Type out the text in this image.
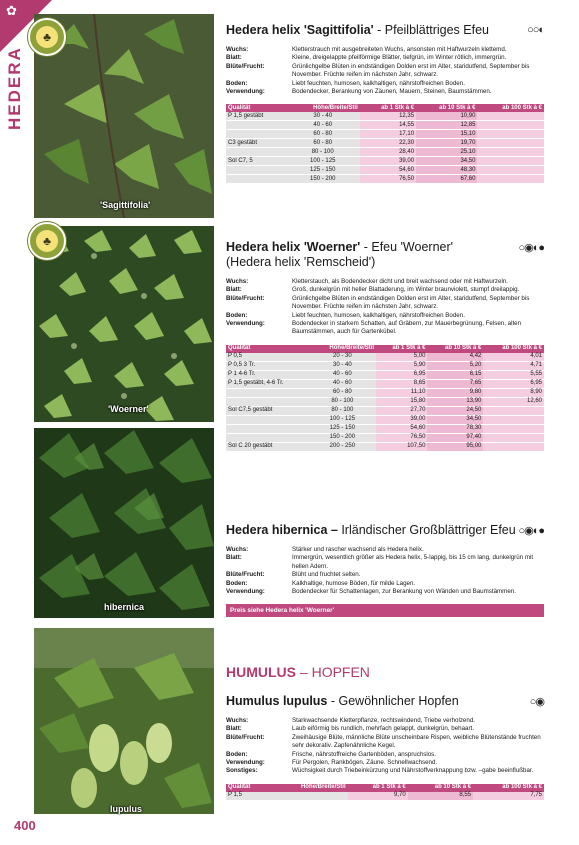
✿
HEDERA
'Sagittifolia'
♣
'Woerner'
♣
hibernica
lupulus
Hedera helix 'Sagittifolia' - Pfeilblättriges Efeu	○○◐
Wuchs:	Kletterstrauch mit ausgebreiteten Wuchs, ansonsten mit Haftwurzeln klettemd.
Blatt:	Kleine, dreigelappte pfeilförmige Blätter, tiefgrün, im Winter rötlich, immergrün.
Blüte/Frucht:	Grünlichgelbe Blüten in endständigen Dolden erst im Alter, staridutfend, September bis November. Früchte reifen im nächsten Jahr, schwarz.
Boden:	Liebt feuchten, humosen, kalkhaltigen, nährstoffreichen Boden.
Verwendung:	Bodendecker, Berankung von Zäunen, Mauern, Steinen, Baumstämmen.
Qualität	Höhe/Breite/Stil	ab 1 Stk à €	ab 10 Stk à €	ab 100 Stk à €
P 1,5 gestäbt	30 - 40	12,35	10,90	
	40 - 60	14,55	12,85	
	60 - 80	17,10	15,10	
C3 gestäbt	60 - 80	22,30	19,70	
	80 - 100	28,40	25,10	
Sol C7, 5	100 - 125	39,00	34,50	
	125 - 150	54,60	48,30	
	150 - 200	76,50	67,60	
Hedera helix 'Woerner' - Efeu 'Woerner'
(Hedera helix 'Remscheid')
○◉◐●
Wuchs:	Kletterstauch, als Bodendecker dicht und breit wachsend oder mit Haftwurzeln.
Blatt:	Groß, dunkelgrün mit heller Blattaderung, im Winter braunviolett, stumpf dreilappig.
Blüte/Frucht:	Grünlichgelbe Blüten in endständigen Dolden erst im Alter, staridutfend, September bis November. Früchte reifen im nächsten Jahr, schwarz.
Boden:	Liebt feuchten, humosen, kalkhaltigen, nährstoffreichen Boden.
Verwendung:	Bodendecker in starkem Schatten, auf Gräbern, zur Mauerbegrünung, Felsen, alten Baumstämmen, auch für Gartenkübel.
Qualität	Höhe/Breite/Stil	ab 1 Stk à €	ab 10 Stk à €	ab 100 Stk à €
P 0,5	20 - 30	5,00	4,42	4,01
P 0,5 3 Tr.	30 - 40	5,90	5,20	4,71
P 1 4-6 Tr.	40 - 60	6,95	6,15	5,55
P 1,5 gestäbt, 4-6 Tr.	40 - 60	8,65	7,65	6,95
	60 - 80	11,10	9,80	8,90
	80 - 100	15,80	13,90	12,60
Sol C7,5 gestäbt	80 - 100	27,70	24,50	
	100 - 125	39,00	34,50	
	125 - 150	54,60	78,30	
	150 - 200	76,50	97,40	
Sol C 20 gestäbt	200 - 250	107,50	95,00	
Hedera hibernica – Irländischer Großblättriger Efeu ○◉◐●
Wuchs:	Stärker und rascher wachsend als Hedera helix.
Blatt:	Immergrün, wesentlich größer als Hedera helix, 5-lappig, bis 15 cm lang, dunkelgrün mit hellen Adern.
Blüte/Frucht:	Blüht und fruchtet selten.
Boden:	Kalkhaltige, humose Böden, für milde Lagen.
Verwendung:	Bodendecker für Schattenlagen, zur Berankung von Wänden und Baumstämmen.
Preis siehe Hedera helix 'Woerner'
HUMULUS – HOPFEN
Humulus lupulus - Gewöhnlicher Hopfen	○◉
Wuchs:	Starkwachsende Kletterpflanze, rechtswindend, Triebe verholzend.
Blatt:	Laub eiförmig bis rundlich, mehrfach gelappt, dunkelgrün, behaart.
Blüte/Frucht:	Zweihäusige Blüte, männliche Blüte unscheinbare Rispen, weibliche Blütenstände fruchten sehr dekorativ. Zapfenähnliche Kegel.
Boden:	Frische, nährstoffreiche Gartenböden, anspruchslos.
Verwendung:	Für Pergolen, Rankbögen, Zäune. Schnellwachsend.
Sonstiges:	Wüchsigkeit durch Triebeinkürzung und Nährstoffverknappung bzw. –gabe beeinflußbar.
Qualität	Höhe/Breite/Stil	ab 1 Stk à €	ab 10 Stk à €	ab 100 Stk à €
P 1,5		9,70	8,55	7,75
400
